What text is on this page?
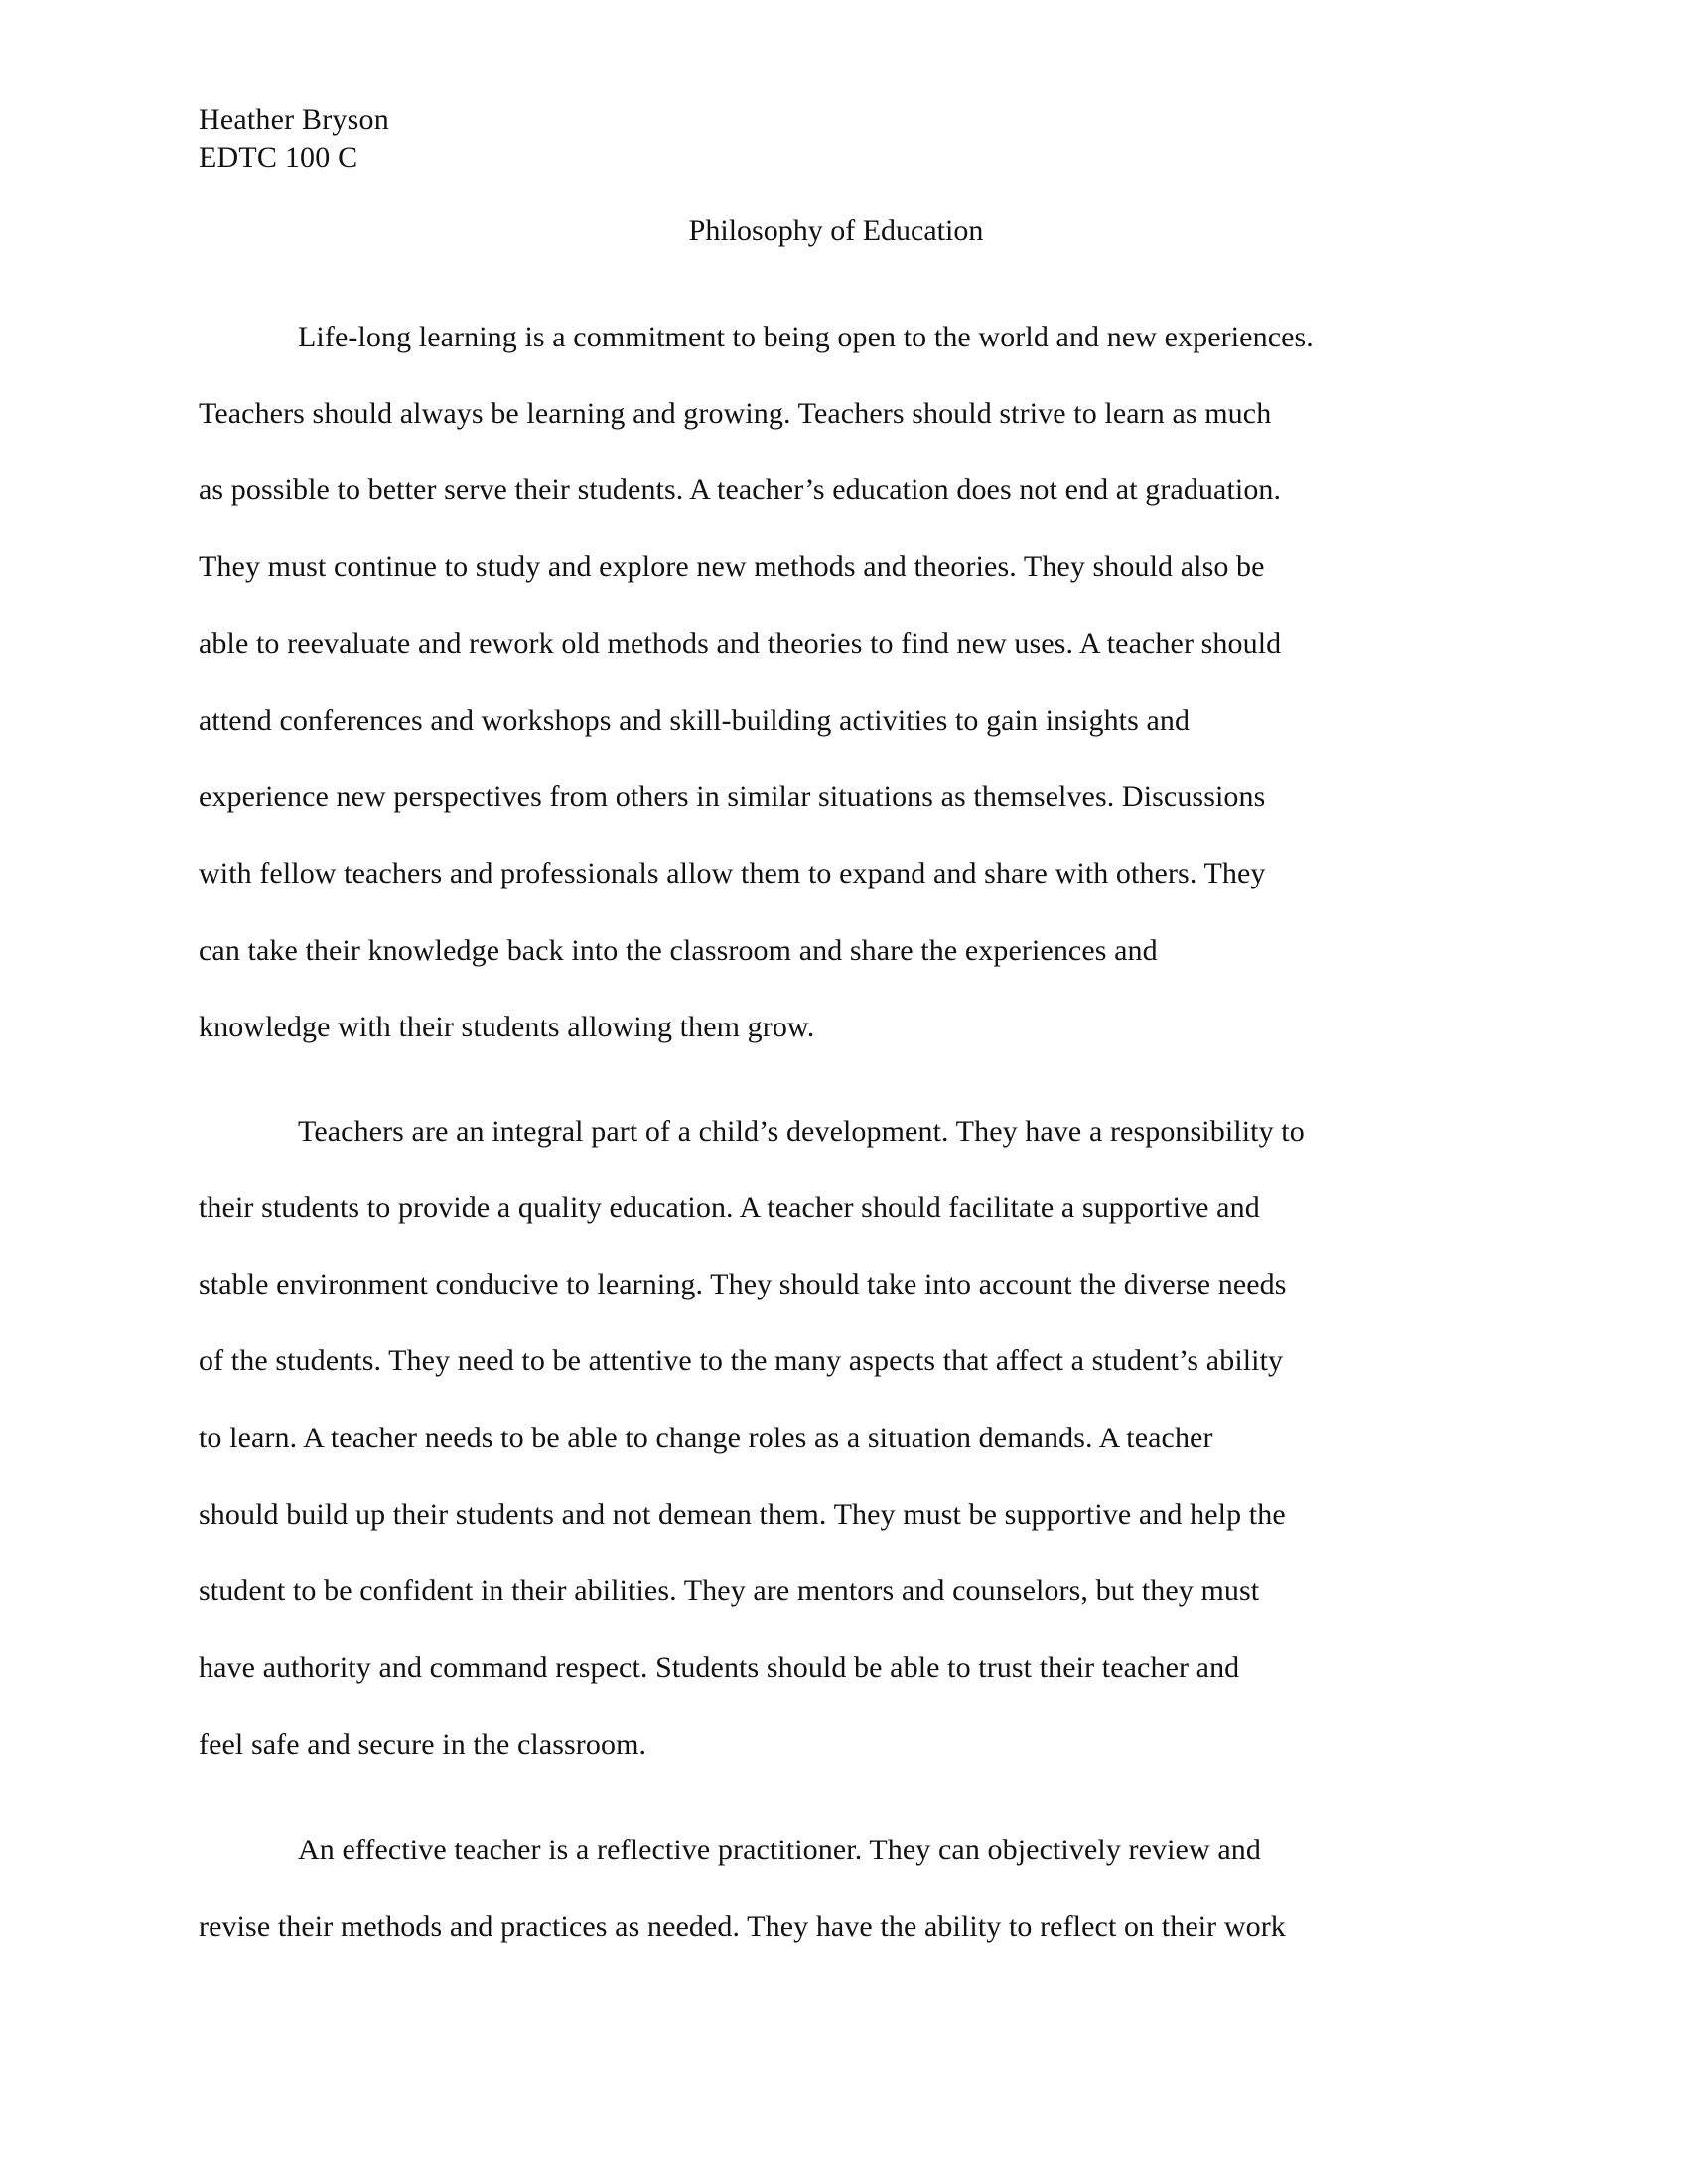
Heather Bryson
EDTC 100 C
Philosophy of Education
Life-long learning is a commitment to being open to the world and new experiences.
Teachers should always be learning and growing. Teachers should strive to learn as much
as possible to better serve their students. A teacher’s education does not end at graduation.
They must continue to study and explore new methods and theories. They should also be
able to reevaluate and rework old methods and theories to find new uses. A teacher should
attend conferences and workshops and skill-building activities to gain insights and
experience new perspectives from others in similar situations as themselves. Discussions
with fellow teachers and professionals allow them to expand and share with others. They
can take their knowledge back into the classroom and share the experiences and
knowledge with their students allowing them grow.
Teachers are an integral part of a child’s development. They have a responsibility to
their students to provide a quality education. A teacher should facilitate a supportive and
stable environment conducive to learning. They should take into account the diverse needs
of the students. They need to be attentive to the many aspects that affect a student’s ability
to learn. A teacher needs to be able to change roles as a situation demands. A teacher
should build up their students and not demean them. They must be supportive and help the
student to be confident in their abilities. They are mentors and counselors, but they must
have authority and command respect. Students should be able to trust their teacher and
feel safe and secure in the classroom.
An effective teacher is a reflective practitioner. They can objectively review and
revise their methods and practices as needed. They have the ability to reflect on their work
